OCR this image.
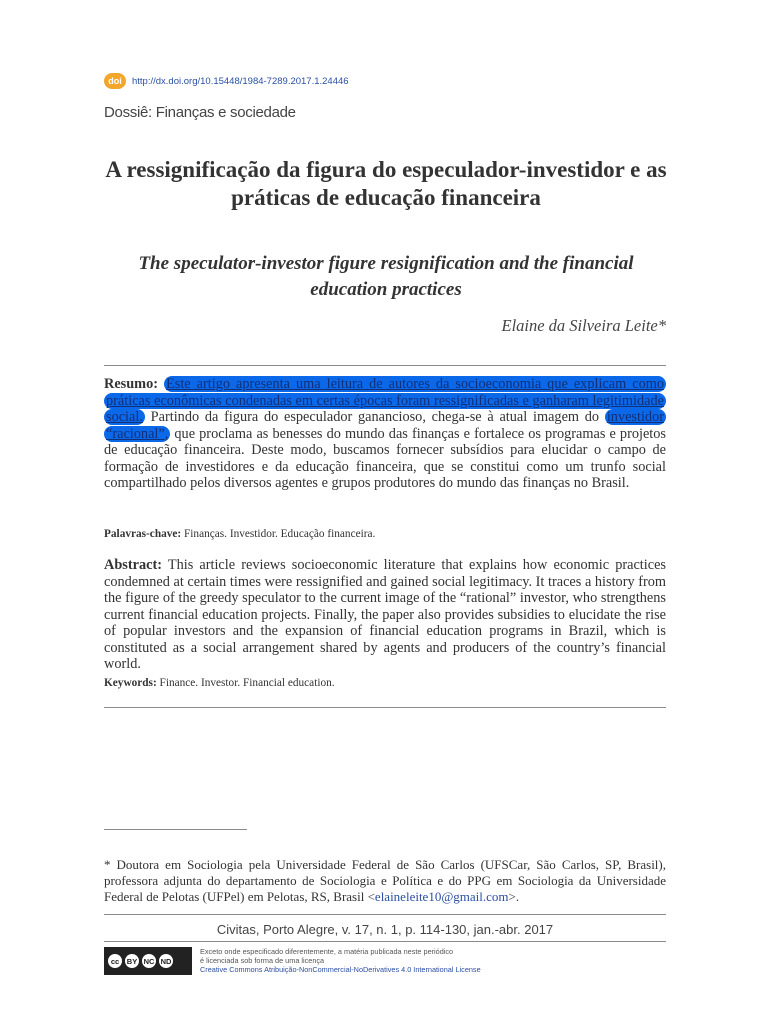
doi	http://dx.doi.org/10.15448/1984-7289.2017.1.24446
Dossiê: Finanças e sociedade
A ressignificação da figura do especulador-investidor e as práticas de educação financeira
The speculator-investor figure resignification and the financial education practices
Elaine da Silveira Leite*

Resumo: Este artigo apresenta uma leitura de autores da socioeconomia que explicam como práticas econômicas condenadas em certas épocas foram ressignificadas e ganharam legitimidade social. Partindo da figura do especulador ganancioso, chega-se à atual imagem do investidor “racional”, que proclama as benesses do mundo das finanças e fortalece os programas e projetos de educação financeira. Deste modo, buscamos fornecer subsídios para elucidar o campo de formação de investidores e da educação financeira, que se constitui como um trunfo social compartilhado pelos diversos agentes e grupos produtores do mundo das finanças no Brasil.

Palavras-chave: Finanças. Investidor. Educação financeira.

Abstract: This article reviews socioeconomic literature that explains how economic practices condemned at certain times were ressignified and gained social legitimacy. It traces a history from the figure of the greedy speculator to the current image of the “rational” investor, who strengthens current financial education projects. Finally, the paper also provides subsidies to elucidate the rise of popular investors and the expansion of financial education programs in Brazil, which is constituted as a social arrangement shared by agents and producers of the country’s financial world.

Keywords: Finance. Investor. Financial education.

* Doutora em Sociologia pela Universidade Federal de São Carlos (UFSCar, São Carlos, SP, Brasil), professora adjunta do departamento de Sociologia e Política e do PPG em Sociologia da Universidade Federal de Pelotas (UFPel) em Pelotas, RS, Brasil <elaineleite10@gmail.com>.

Civitas, Porto Alegre, v. 17, n. 1, p. 114-130, jan.-abr. 2017
cc	BY NC ND
Exceto onde especificado diferentemente, a matéria publicada neste periódico
é licenciada sob forma de uma licença
Creative Commons Atribuição-NonCommercial-NoDerivatives 4.0 International License
